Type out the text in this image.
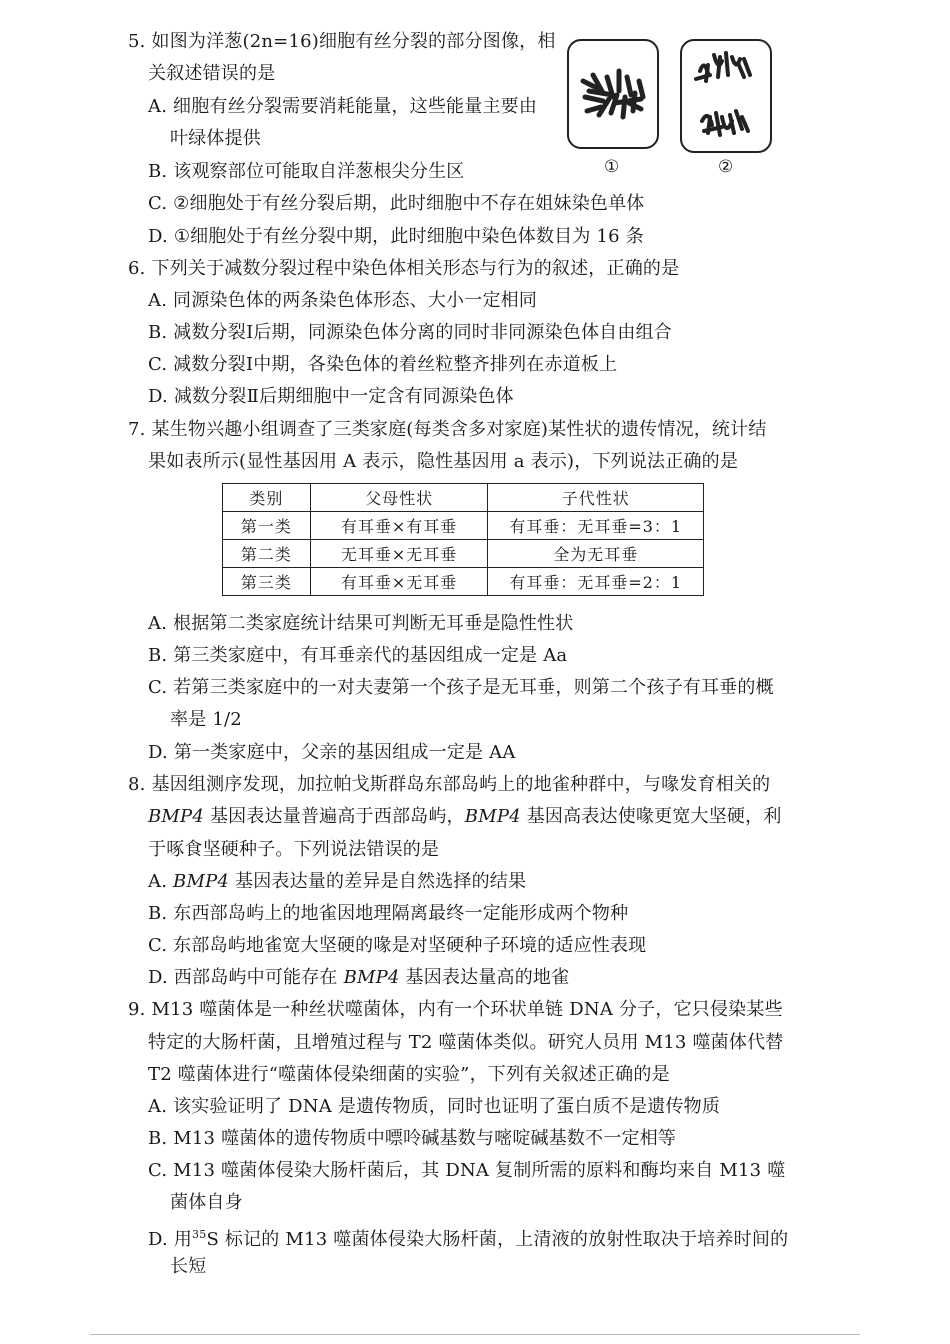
5. 如图为洋葱(2n=16)细胞有丝分裂的部分图像，相
关叙述错误的是
A. 细胞有丝分裂需要消耗能量，这些能量主要由
叶绿体提供
B. 该观察部位可能取自洋葱根尖分生区
C. ②细胞处于有丝分裂后期，此时细胞中不存在姐妹染色单体
D. ①细胞处于有丝分裂中期，此时细胞中染色体数目为 16 条
①	②
6. 下列关于减数分裂过程中染色体相关形态与行为的叙述，正确的是
A. 同源染色体的两条染色体形态、大小一定相同
B. 减数分裂Ⅰ后期，同源染色体分离的同时非同源染色体自由组合
C. 减数分裂Ⅰ中期，各染色体的着丝粒整齐排列在赤道板上
D. 减数分裂Ⅱ后期细胞中一定含有同源染色体
7. 某生物兴趣小组调查了三类家庭(每类含多对家庭)某性状的遗传情况，统计结
果如表所示(显性基因用 A 表示，隐性基因用 a 表示)，下列说法正确的是
类别	父母性状	子代性状
第一类	有耳垂×有耳垂	有耳垂：无耳垂=3：1
第二类	无耳垂×无耳垂	全为无耳垂
第三类	有耳垂×无耳垂	有耳垂：无耳垂=2：1
A. 根据第二类家庭统计结果可判断无耳垂是隐性性状
B. 第三类家庭中，有耳垂亲代的基因组成一定是 Aa
C. 若第三类家庭中的一对夫妻第一个孩子是无耳垂，则第二个孩子有耳垂的概
率是 1/2
D. 第一类家庭中，父亲的基因组成一定是 AA
8. 基因组测序发现，加拉帕戈斯群岛东部岛屿上的地雀种群中，与喙发育相关的
BMP4 基因表达量普遍高于西部岛屿，BMP4 基因高表达使喙更宽大坚硬，利
于啄食坚硬种子。下列说法错误的是
A. BMP4 基因表达量的差异是自然选择的结果
B. 东西部岛屿上的地雀因地理隔离最终一定能形成两个物种
C. 东部岛屿地雀宽大坚硬的喙是对坚硬种子环境的适应性表现
D. 西部岛屿中可能存在 BMP4 基因表达量高的地雀
9. M13 噬菌体是一种丝状噬菌体，内有一个环状单链 DNA 分子，它只侵染某些
特定的大肠杆菌，且增殖过程与 T2 噬菌体类似。研究人员用 M13 噬菌体代替
T2 噬菌体进行“噬菌体侵染细菌的实验”，下列有关叙述正确的是
A. 该实验证明了 DNA 是遗传物质，同时也证明了蛋白质不是遗传物质
B. M13 噬菌体的遗传物质中嘌呤碱基数与嘧啶碱基数不一定相等
C. M13 噬菌体侵染大肠杆菌后，其 DNA 复制所需的原料和酶均来自 M13 噬
菌体自身
D. 用$^{35}$S 标记的 M13 噬菌体侵染大肠杆菌，上清液的放射性取决于培养时间的
长短
